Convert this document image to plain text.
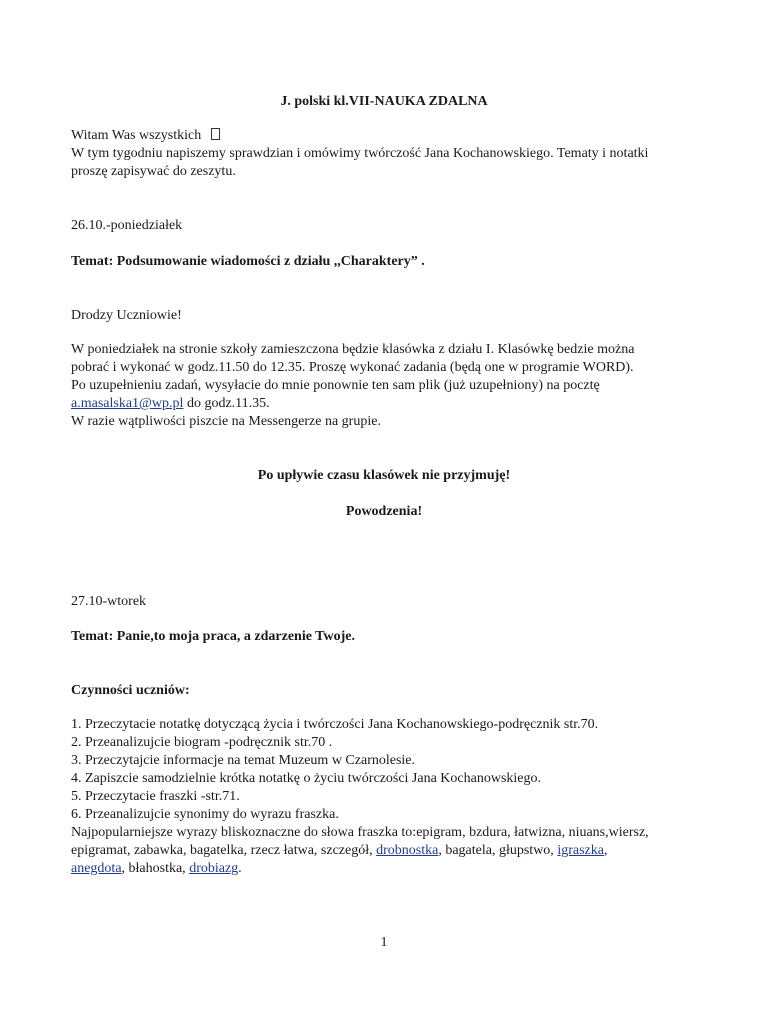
J. polski kl.VII-NAUKA ZDALNA
Witam Was wszystkich
W tym tygodniu napiszemy sprawdzian i omówimy twórczość Jana Kochanowskiego. Tematy i notatki
proszę zapisywać do zeszytu.
26.10.-poniedziałek
Temat: Podsumowanie wiadomości z działu ,,Charaktery” .
Drodzy Uczniowie!
W poniedziałek na stronie szkoły zamieszczona będzie klasówka z działu I. Klasówkę bedzie można
pobrać i wykonać w godz.11.50 do 12.35. Proszę wykonać zadania (będą one w programie WORD).
Po uzupełnieniu zadań, wysyłacie do mnie ponownie ten sam plik (już uzupełniony) na pocztę
a.masalska1@wp.pl do godz.11.35.
W razie wątpliwości piszcie na Messengerze na grupie.
Po upływie czasu klasówek nie przyjmuję!
Powodzenia!
27.10-wtorek
Temat: Panie,to moja praca, a zdarzenie Twoje.
Czynności uczniów:
1. Przeczytacie notatkę dotyczącą życia i twórczości Jana Kochanowskiego-podręcznik str.70.
2. Przeanalizujcie biogram -podręcznik str.70 .
3. Przeczytajcie informacje na temat Muzeum w Czarnolesie.
4. Zapiszcie samodzielnie krótka notatkę o życiu twórczości Jana Kochanowskiego.
5. Przeczytacie fraszki -str.71.
6. Przeanalizujcie synonimy do wyrazu fraszka.
Najpopularniejsze wyrazy bliskoznaczne do słowa fraszka to:epigram, bzdura, łatwizna, niuans,wiersz,
epigramat, zabawka, bagatelka, rzecz łatwa, szczegół, drobnostka, bagatela, głupstwo, igraszka,
anegdota, błahostka, drobiazg.
1
